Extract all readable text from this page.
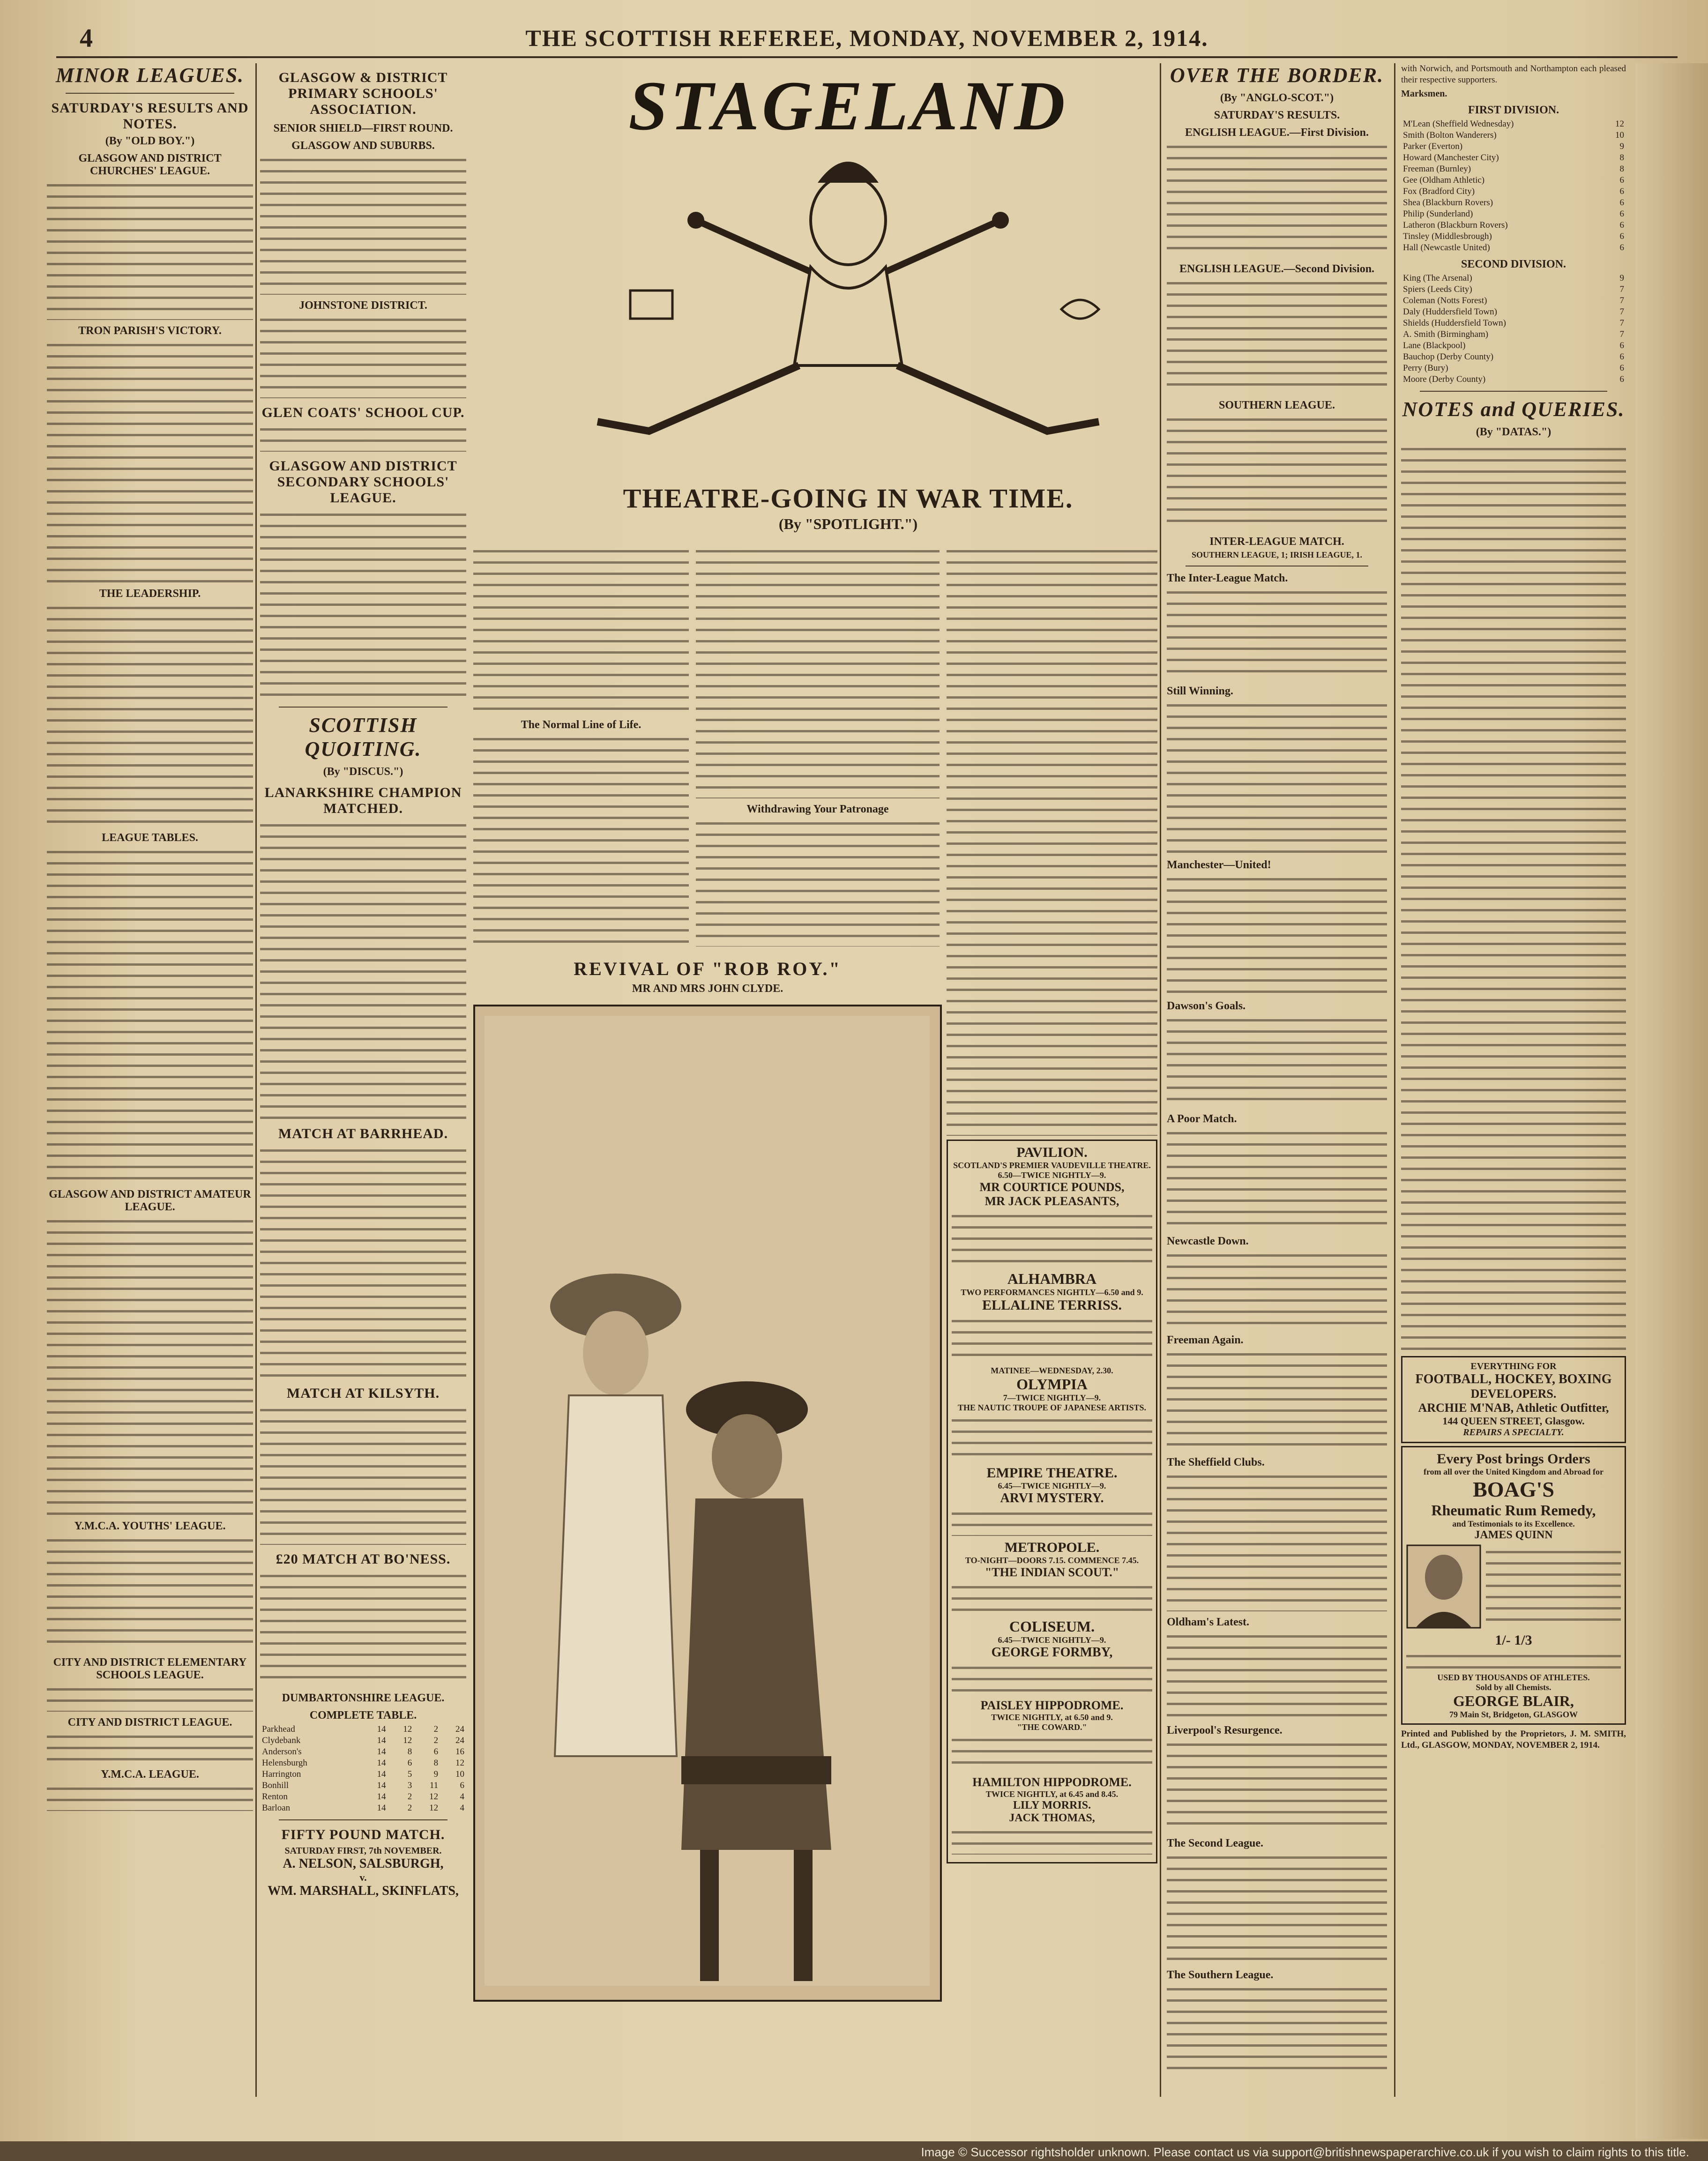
4	THE SCOTTISH REFEREE, MONDAY, NOVEMBER 2, 1914.
MINOR LEAGUES.
SATURDAY'S RESULTS AND NOTES.
(By "OLD BOY.")
GLASGOW AND DISTRICT CHURCHES' LEAGUE.
TRON PARISH'S VICTORY.
THE LEADERSHIP.
LEAGUE TABLES.
GLASGOW AND DISTRICT AMATEUR LEAGUE.
Y.M.C.A. YOUTHS' LEAGUE.
CITY AND DISTRICT ELEMENTARY SCHOOLS LEAGUE.
CITY AND DISTRICT LEAGUE.
Y.M.C.A. LEAGUE.
GLASGOW & DISTRICT PRIMARY SCHOOLS' ASSOCIATION.
SENIOR SHIELD—FIRST ROUND.
GLASGOW AND SUBURBS.
JOHNSTONE DISTRICT.
GLEN COATS' SCHOOL CUP.
GLASGOW AND DISTRICT SECONDARY SCHOOLS' LEAGUE.
SCOTTISH QUOITING.
(By "DISCUS.")
LANARKSHIRE CHAMPION MATCHED.
MATCH AT BARRHEAD.
MATCH AT KILSYTH.
£20 MATCH AT BO'NESS.
DUMBARTONSHIRE LEAGUE.
COMPLETE TABLE.
Parkhead	14	12	2	24
Clydebank	14	12	2	24
Anderson's	14	8	6	16
Helensburgh	14	6	8	12
Harrington	14	5	9	10
Bonhill	14	3	11	6
Renton	14	2	12	4
Barloan	14	2	12	4
FIFTY POUND MATCH.
SATURDAY FIRST, 7th NOVEMBER.
A. NELSON, SALSBURGH,
v.
WM. MARSHALL, SKINFLATS,
STAGELAND
THEATRE-GOING IN WAR TIME.
(By "SPOTLIGHT.")
The Normal Line of Life.
Withdrawing Your Patronage
PAVILION.
SCOTLAND'S PREMIER VAUDEVILLE THEATRE. 6.50—TWICE NIGHTLY—9.
MR COURTICE POUNDS,
MR JACK PLEASANTS,
ALHAMBRA
TWO PERFORMANCES NIGHTLY—6.50 and 9.
ELLALINE TERRISS.
MATINEE—WEDNESDAY, 2.30.
OLYMPIA
7—TWICE NIGHTLY—9.
THE NAUTIC TROUPE OF JAPANESE ARTISTS.
EMPIRE THEATRE.
6.45—TWICE NIGHTLY—9.
ARVI MYSTERY.
METROPOLE.
TO-NIGHT—DOORS 7.15. COMMENCE 7.45.
"THE INDIAN SCOUT."
COLISEUM.
6.45—TWICE NIGHTLY—9.
GEORGE FORMBY,
PAISLEY HIPPODROME.
TWICE NIGHTLY, at 6.50 and 9.
"THE COWARD."
HAMILTON HIPPODROME.
TWICE NIGHTLY, at 6.45 and 8.45.
LILY MORRIS.
JACK THOMAS,
REVIVAL OF "ROB ROY."
MR AND MRS JOHN CLYDE.
OVER THE BORDER.
(By "ANGLO-SCOT.")
SATURDAY'S RESULTS.
ENGLISH LEAGUE.—First Division.
ENGLISH LEAGUE.—Second Division.
SOUTHERN LEAGUE.
INTER-LEAGUE MATCH.
SOUTHERN LEAGUE, 1; IRISH LEAGUE, 1.
The Inter-League Match.
Still Winning.
Manchester—United!
Dawson's Goals.
A Poor Match.
Newcastle Down.
Freeman Again.
The Sheffield Clubs.
Oldham's Latest.
Liverpool's Resurgence.
The Second League.
The Southern League.
with Norwich, and Portsmouth and Northampton each pleased their respective supporters.
Marksmen.
FIRST DIVISION.
M'Lean (Sheffield Wednesday)	12
Smith (Bolton Wanderers)	10
Parker (Everton)	9
Howard (Manchester City)	8
Freeman (Burnley)	8
Gee (Oldham Athletic)	6
Fox (Bradford City)	6
Shea (Blackburn Rovers)	6
Philip (Sunderland)	6
Latheron (Blackburn Rovers)	6
Tinsley (Middlesbrough)	6
Hall (Newcastle United)	6
SECOND DIVISION.
King (The Arsenal)	9
Spiers (Leeds City)	7
Coleman (Notts Forest)	7
Daly (Huddersfield Town)	7
Shields (Huddersfield Town)	7
A. Smith (Birmingham)	7
Lane (Blackpool)	6
Bauchop (Derby County)	6
Perry (Bury)	6
Moore (Derby County)	6
NOTES and QUERIES.
(By "DATAS.")
EVERYTHING FOR
FOOTBALL, HOCKEY, BOXING
DEVELOPERS.
ARCHIE M'NAB, Athletic Outfitter,
144 QUEEN STREET, Glasgow.
REPAIRS A SPECIALTY.
Every Post brings Orders
from all over the United Kingdom and Abroad for
BOAG'S
Rheumatic Rum Remedy,
and Testimonials to its Excellence.
JAMES QUINN
1/- 1/3
USED BY THOUSANDS OF ATHLETES.
Sold by all Chemists.
GEORGE BLAIR,
79 Main St, Bridgeton, GLASGOW
Printed and Published by the Proprietors, J. M. SMITH, Ltd., GLASGOW, MONDAY, NOVEMBER 2, 1914.
Image © Successor rightsholder unknown. Please contact us via support@britishnewspaperarchive.co.uk if you wish to claim rights to this title.
